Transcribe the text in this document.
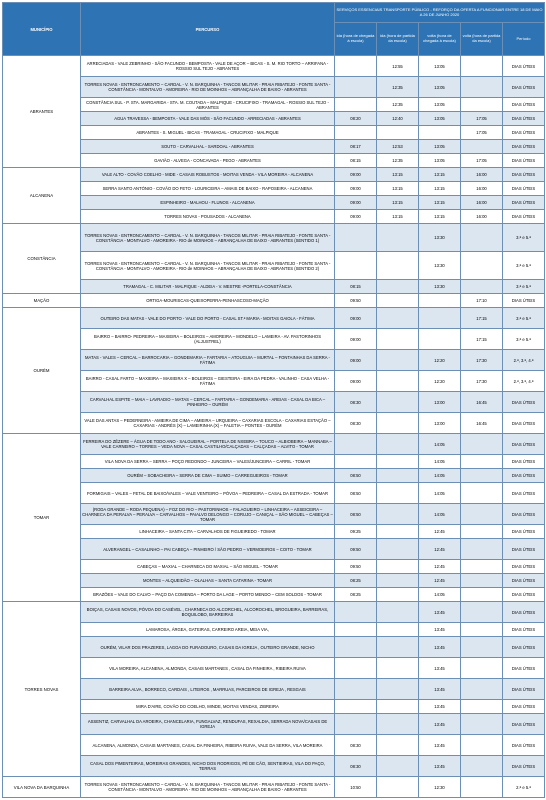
MUNICÍPIO	PERCURSO	SERVIÇOS ESSENCIAIS TRANSPORTE PÚBLICO - REFORÇO DA OFERTA A FUNCIONAR ENTRE 18 DE MAIO A 26 DE JUNHO 2020				
		ida (hora de chegada à escola)	ida (hora de partida da escola)	volta (hora de chegada à escola)	volta (hora de partida da escola)	Período
ABRANTES	ARRECIADAS - VALE ZEBRINHO - SÃO FACUNDO - BEMPOSTA - VALE DE AÇOR – BICAS - S. M. RIO TORTO – ARRIFANA - ROSSIO SUL TEJO - ABRANTES		12:55	13:05		DIAS ÚTEIS
	TORRES NOVAS - ENTRONCAMENTO – CARDAL - V. N. BARQUINHA - TANCOS MILITAR - PRAIA RIBATEJO - FONTE SANTA - CONSTÂNCIA - MONTALVO - AMOREIRA - RIO DE MOINHOS – ABRANÇALHA DE BAIXO - ABRANTES		12:35	13:05		DIAS ÚTEIS
	CONSTÂNCIA SUL - P. STA. MARGARIDA - STA. M. COUTADA – MALPIQUE - CRUCIFIXO - TRAMAGAL - ROSSIO SUL TEJO - ABRANTES		12:35	13:05		DIAS ÚTEIS
	AGUA TRAVESSA - BEMPOSTA - VALE DAS MÓS - SÃO FACUNDO - ARRECIADAS - ABRANTES	08:20	12:40	13:05	17:05	DIAS ÚTEIS
	ABRANTES - S. MIGUEL - BICAS - TRAMAGAL - CRUCIFIXO - MALPIQUE				17:05	DIAS ÚTEIS
	SOUTO - CARVALHAL - SARDOAL - ABRANTES	08:17	12:53	13:05		DIAS ÚTEIS
	GAVIÃO - ALVEGA - CONCAVADA - PEGO - ABRANTES	08:15	12:35	13:05	17:05	DIAS ÚTEIS
ALCANENA	VALE ALTO - COVÃO COELHO - MIDE - CASAIS ROBUSTOS - MOITAS VENDA - VILA MOREIRA - ALCANENA	09:00	13:15	13:15	16:00	DIAS ÚTEIS
	SERRA SANTO ANTÓNIO - COVÃO DO FETO - LOURICEIRA – AMAIS DE BAIXO - RAPOSEIRA - ALCANENA	09:00	13:15	13:15	16:00	DIAS ÚTEIS
	ESPINHEIRO - MALHOU - FLUNOS - ALCANENA	09:00	13:15	13:15	16:00	DIAS ÚTEIS
	TORRES NOVAS - POUSADOS - ALCANENA	09:00	13:15	13:15	16:00	DIAS ÚTEIS
CONSTÂNCIA	TORRES NOVAS - ENTRONCAMENTO – CARDAL - V. N. BARQUINHA - TANCOS MILITAR - PRAIA RIBATEJO - FONTE SANTA - CONSTÂNCIA - MONTALVO - AMOREIRA - RIO de MOINHOS – ABRANÇALHA DE BAIXO - ABRANTES (SENTIDO 1)			13:30		3.ª e 5.ª
	TORRES NOVAS - ENTRONCAMENTO – CARDAL - V. N. BARQUINHA - TANCOS MILITAR - PRAIA RIBATEJO - FONTE SANTA - CONSTÂNCIA - MONTALVO - AMOREIRA - RIO de MOINHOS – ABRANÇALHA DE BAIXO - ABRANTES (SENTIDO 2)			13:30		3.ª e 5.ª
	TRAMAGAL - C. MILITAR - MALPIQUE - ALDEIA - V. MESTRE -PORTELA-CONSTÂNCIA	08:15		13:30		3.ª e 5.ª
MAÇÃO	ORTIGA-MOURISCAS-QUEIXOPERRA-PENHASCOSO-MAÇÃO	09:50			17:10	DIAS ÚTEIS
OURÉM	OUTEIRO DAS MATAS - VALE DO PORTO - VALE DO PORTO - CASAL ST.ª MARIA - MOITAS GAIOLA - FÁTIMA	09:00			17:15	3.ª e 5.ª
	BAIRRO – BAIRRO- PEDREIRA – MAXIEIRA – BOLEIROS – AMOREIRA – MONDELO – LAMEIRA - AV. PASTORINHOS (ALJUSTREL)	09:00			17:15	3.ª e 5.ª
	MATAS - VALES – CERCAL – BARROCARIA – GONDEMARIA – FARTARIA – ATOUGUIA – MURTAL – FONTAINHAS DA SERRA - FÁTIMA	09:00		12:20	17:30	2.ª, 3.ª, 4.ª
	BAIRRO - CASAL FARTO – MAXIEIRA – MAXIEIRA X – BOLEIROS – GIESTEIRA - EIRA DA PEDRA - VALINHO - CASA VELHA - FÁTIMA	09:00		12:20	17:30	2.ª, 3.ª, 4.ª
	CARVALHAL ESPITE – MAIA – LAVRADIO – MATAS – CERCAL – FARTARIA – GONDEMARIA - AREIAS - CASAL DA BICA – PINHEIRO – OURÉM	08:30		13:00	16:45	DIAS ÚTEIS
	VALE DAS ANTAS – PEDERNEIRA - AMIEIRA DE CIMA – AMIEIRA – URQUEIRA – CAXARIAS ESCOLA - CAXARIAS ESTAÇÃO – CAXARIAS - ANDRÉS (X) – LAMEIRINHA (X) – FALETIA – PONTES - OURÉM	08:30		13:00	16:45	DIAS ÚTEIS
TOMAR	FERREIRA DO ZÊZERE – ÁGUA DE TODO ANO - SALGUEIRAL – PORTELA DE NXEBRA – TOUCO – ALBIOBEIRA – MANNABA – VALE CARNEIRO – TORRES – VEDA NOVA – CASAL CASTILHO/CALÇADAS – CALÇADAS – ALVITO - TOMAR			14:05		DIAS ÚTEIS
	VILA NOVA DA SERRA – SERRA – POÇO REDONDO – JUNCEIRA – VALES/JUNCEIRA – CARRIL - TOMAR			14:05		DIAS ÚTEIS
	OURÉM – SOBACHEIRA – SERRA DE CIMA – SUIMO – CARREGUEIROS - TOMAR	08:50		14:05		DIAS ÚTEIS
	FORMIGAIS – VALES – FETAL DE BAIXO/VALES – VALE VENTEIRO – PÓVOA – PEDREIRA – CASAL DA ESTRADA - TOMAR	08:50		14:05		DIAS ÚTEIS
	(RODA GRANDE – RODA PEQUENA) – FOZ DO RIO – PASTORINHOS – FALAGUEIRO – LINHACEIRA – ASSEICEIRA – CHARNECA DA PERALVA – PERALVA – CARVALHOS – PAIALVO DELONGO – CORUJO – CANIÇAL – SÃO MIGUEL – CABEÇAS – TOMAR	08:50		14:05		DIAS ÚTEIS
	LINHACEIRA – SANTA CITA – CARVALHOS DE FIGUEIREDO - TOMAR	09:25		12:45		DIAS ÚTEIS
	ALVERANGEL – CASALINHO – PAI CABEÇA – PINHEIRO / SÃO PEDRO – VERMOEIROS – COITO - TOMAR	09:50		12:45		DIAS ÚTEIS
	CABEÇAS – MAXIAL – CHARNECA DO MAXIAL – SÃO MIGUEL - TOMAR	09:50		12:45		DIAS ÚTEIS
	MONTES – ALQUEIDÃO – OLALHAS – SANTA CATARINA - TOMAR	08:25		12:45		DIAS ÚTEIS
	BRAZÕES – VALE DO CALVO – PAÇO DA COMENDA – PORTO DA LAGE – PORTO MENDO – CEM SOLDOS - TOMAR	08:25		14:05		DIAS ÚTEIS
TORRES NOVAS	BOIÇAS, CASAIS NOVOS, PÓVOA DO CASÉVEL , CHARNECA DO ALCORCHEL, ALCOROCHEL, BROGUEIRA, BARREIRAS, BOQUILOBO, BARREIRAS			13:45		DIAS ÚTEIS
	LAMAROSA, ÁRGEA, GATEIRAS, CARREIRO AREIA, MEIA VIA,			13:45		DIAS ÚTEIS
	OURÉM, VILAR DOS PRAZERES, LAGOA DO FURADOURO, CASAIS DA IGREJA , OUTEIRO GRANDE, NICHO			13:45		DIAS ÚTEIS
	VILA MOREIRA, ALCANENA, ALMONDA, CASAIS MARTANES , CASAL DA FINHEIRA , RIBEIRA RUIVA			13:45		DIAS ÚTEIS
	BARREIRA ALVA , BORRECO, CARDAIS , LITEIROS , MARRUAS, PARCEIROS DE IGREJA , RESGAIS			13:45		DIAS ÚTEIS
	MIRA D'AIRE, COVÃO DO COELHO, MINDE, MOITAS VENDAS, ZIBREIRA			13:45		DIAS ÚTEIS
	ASSENTIZ, CARVALHAL DA AROEIRA, CHANCELARIA, FUNGALVAZ, RENDUFAS, REXALDIA, SERRADA NOVA/CASAIS DE IGREJA			13:45		DIAS ÚTEIS
	ALCANENA, ALMONDA, CASAIS MARTANES, CASAL DA FINHEIRA, RIBEIRA RUIVA, VALE DA SERRA, VILA MOREIRA	08:30		13:45		DIAS ÚTEIS
	CASAL DOS PIMENTEIRAS, MOREIRAS GRANDES, NICHO DOS RODRIGOS, PÉ DE CÃO, SENTIEIRAS, VILA DO PAÇO, TERRAS	08:30		13:45		DIAS ÚTEIS
VILA NOVA DA BARQUINHA	TORRES NOVAS - ENTRONCAMENTO – CARDAL - V. N. BARQUINHA - TANCOS MILITAR - PRAIA RIBATEJO - FONTE SANTA - CONSTÂNCIA - MONTALVO - AMOREIRA - RIO DE MOINHOS – ABRANÇALHA DE BAIXO - ABRANTES	10:50		12:30		2.ª e 5.ª
